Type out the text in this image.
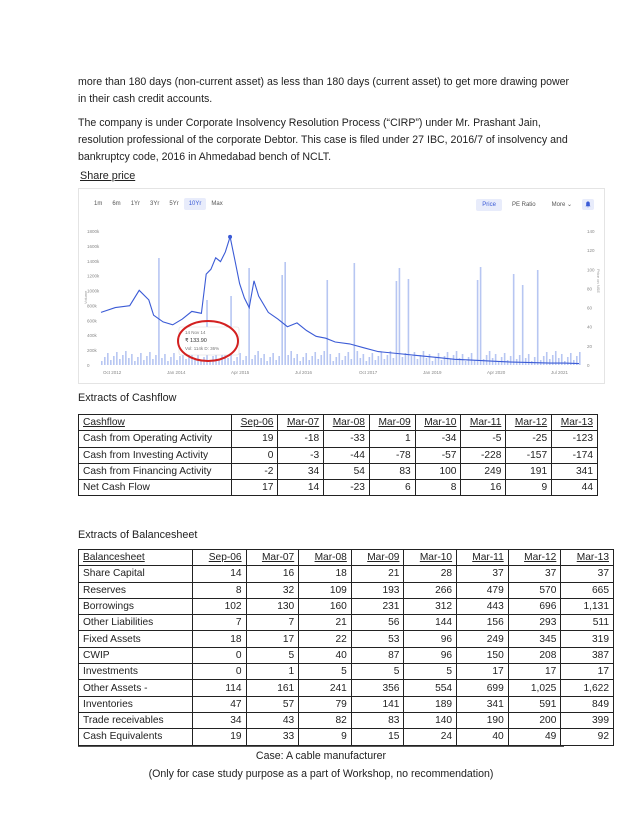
more than 180 days (non-current asset) as less than 180 days (current asset) to get more drawing power

in their cash credit accounts.

The company is under Corporate Insolvency Resolution Process (“CIRP”) under Mr. Prashant Jain,

resolution professional of the corporate Debtor. This case is filed under 27 IBC, 2016/7 of insolvency and

bankruptcy code, 2016 in Ahmedabad bench of NCLT.

Share price

0
200k
400k
600k
800k
1000k
1200k
1400k
1600k
1800k
0
20
40
60
80
100
120
140
Volume
Price on NSE
Oct 2012	Jan 2014	Apr 2015	Jul 2016	Oct 2017	Jan 2019	Apr 2020	Jul 2021
14 Nov 14
₹ 133.90
Vol: 114k D: 36%
1m	6m	1Yr	3Yr	5Yr	10Yr	Max	Price	PE Ratio	More ⌄

Extracts of Cashflow

Cashflow	Sep-06	Mar-07	Mar-08	Mar-09	Mar-10	Mar-11	Mar-12	Mar-13
Cash from Operating Activity	19	-18	-33	1	-34	-5	-25	-123
Cash from Investing Activity	0	-3	-44	-78	-57	-228	-157	-174
Cash from Financing Activity	-2	34	54	83	100	249	191	341
Net Cash Flow	17	14	-23	6	8	16	9	44

Extracts of Balancesheet

Balancesheet	Sep-06	Mar-07	Mar-08	Mar-09	Mar-10	Mar-11	Mar-12	Mar-13
Share Capital	14	16	18	21	28	37	37	37
Reserves	8	32	109	193	266	479	570	665
Borrowings	102	130	160	231	312	443	696	1,131
Other Liabilities	7	7	21	56	144	156	293	511
Fixed Assets	18	17	22	53	96	249	345	319
CWIP	0	5	40	87	96	150	208	387
Investments	0	1	5	5	5	17	17	17
Other Assets -	114	161	241	356	554	699	1,025	1,622
Inventories	47	57	79	141	189	341	591	849
Trade receivables	34	43	82	83	140	190	200	399
Cash Equivalents	19	33	9	15	24	40	49	92

Case: A cable manufacturer

(Only for case study purpose as a part of Workshop, no recommendation)
